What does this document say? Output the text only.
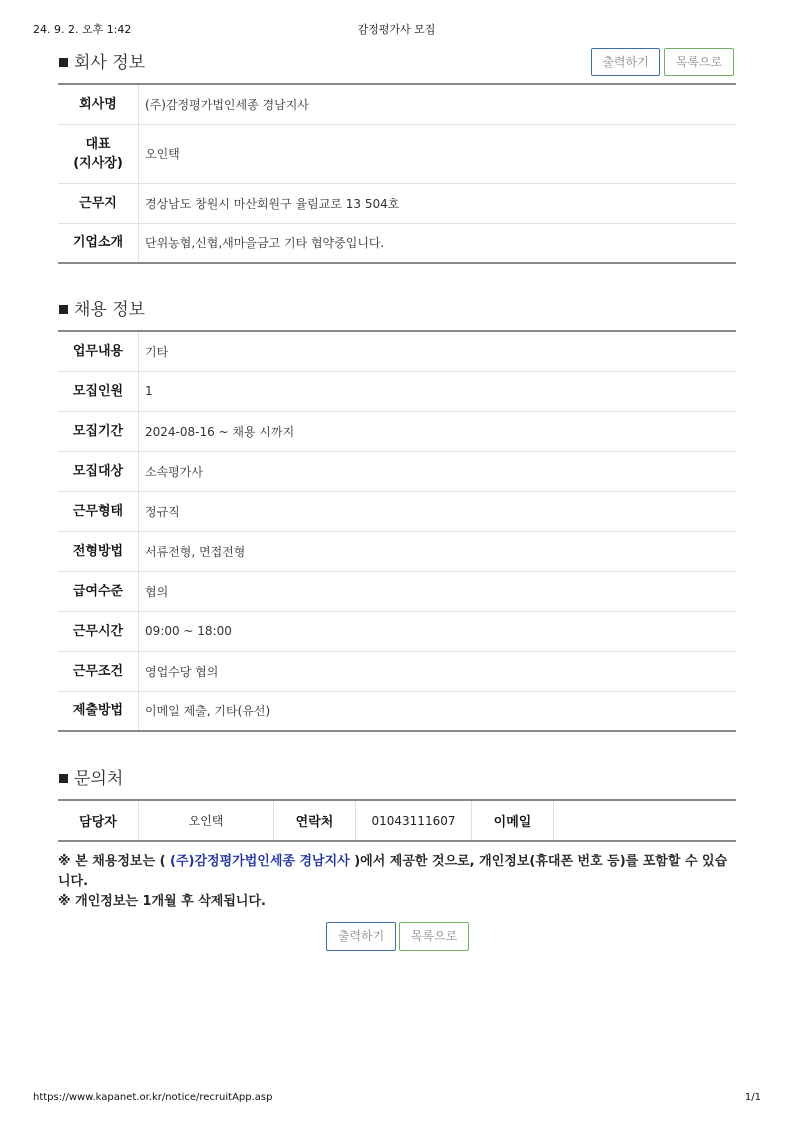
24. 9. 2. 오후 1:42	감정평가사 모집
회사 정보	출력하기	목록으로
회사명	(주)감정평가법인세종 경남지사

대표
(지사장)	오인택
근무지	경상남도 창원시 마산회원구 율림교로 13 504호
기업소개	단위농협,신협,새마을금고 기타 협약중입니다.
채용 정보
업무내용	기타
모집인원	1
모집기간	2024-08-16 ~ 채용 시까지
모집대상	소속평가사
근무형태	정규직
전형방법	서류전형, 면접전형
급여수준	협의
근무시간	09:00 ~ 18:00
근무조건	영업수당 협의
제출방법	이메일 제출, 기타(유선)
문의처
담당자	오인택	연락처	01043111607	이메일	
※ 본 채용정보는 ( (주)감정평가법인세종 경남지사 )에서 제공한 것으로, 개인정보(휴대폰 번호 등)를 포함할 수 있습니다.
※ 개인정보는 1개월 후 삭제됩니다.
출력하기	목록으로
https://www.kapanet.or.kr/notice/recruitApp.asp	1/1
